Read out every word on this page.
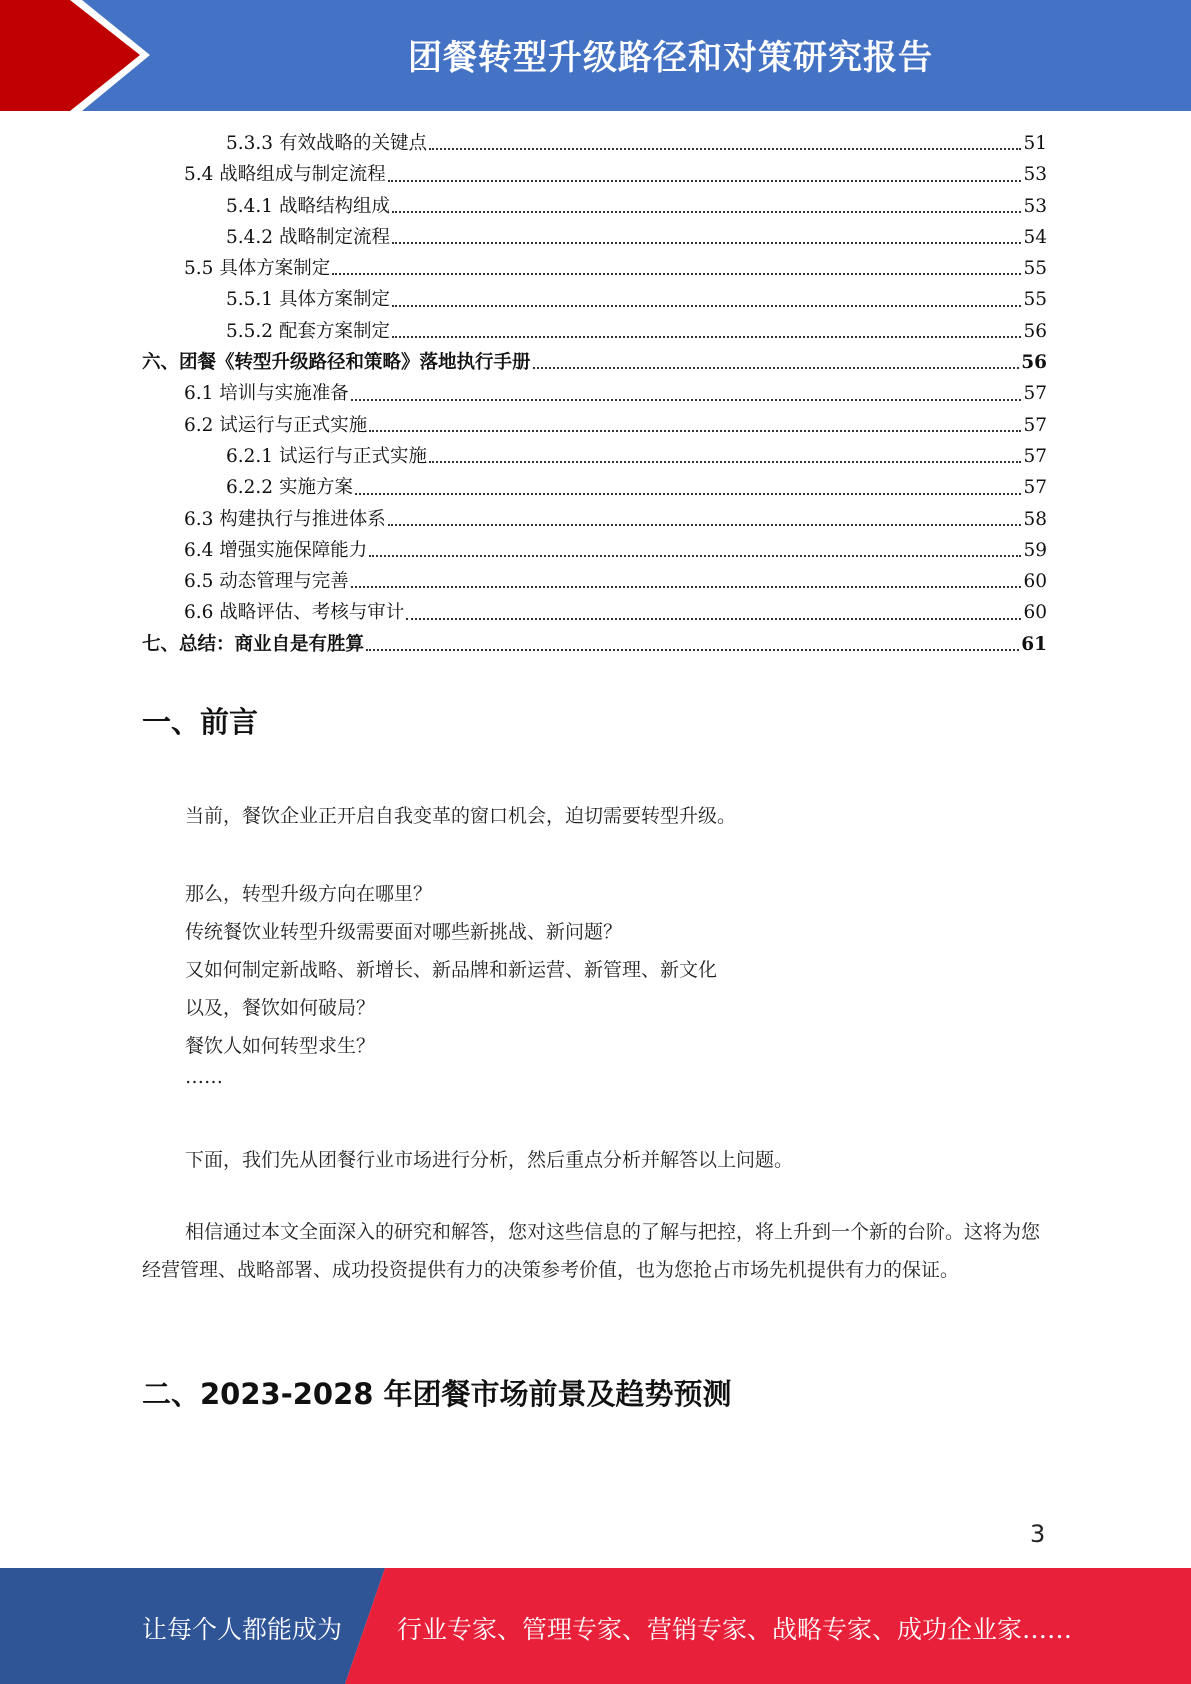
团餐转型升级路径和对策研究报告
5.3.3 有效战略的关键点	51
5.4 战略组成与制定流程	53
5.4.1 战略结构组成	53
5.4.2 战略制定流程	54
5.5 具体方案制定	55
5.5.1 具体方案制定	55
5.5.2 配套方案制定	56
六、团餐《转型升级路径和策略》落地执行手册	56
6.1 培训与实施准备	57
6.2 试运行与正式实施	57
6.2.1 试运行与正式实施	57
6.2.2 实施方案	57
6.3 构建执行与推进体系	58
6.4 增强实施保障能力	59
6.5 动态管理与完善	60
6.6 战略评估、考核与审计	60
七、总结：商业自是有胜算	61
一、前言
当前，餐饮企业正开启自我变革的窗口机会，迫切需要转型升级。
那么，转型升级方向在哪里？
传统餐饮业转型升级需要面对哪些新挑战、新问题？
又如何制定新战略、新增长、新品牌和新运营、新管理、新文化
以及，餐饮如何破局？
餐饮人如何转型求生？
……
下面，我们先从团餐行业市场进行分析，然后重点分析并解答以上问题。
相信通过本文全面深入的研究和解答，您对这些信息的了解与把控，将上升到一个新的台阶。这将为您经营管理、战略部署、成功投资提供有力的决策参考价值，也为您抢占市场先机提供有力的保证。
二、2023-2028 年团餐市场前景及趋势预测
3
让每个人都能成为 行业专家、管理专家、营销专家、战略专家、成功企业家……
